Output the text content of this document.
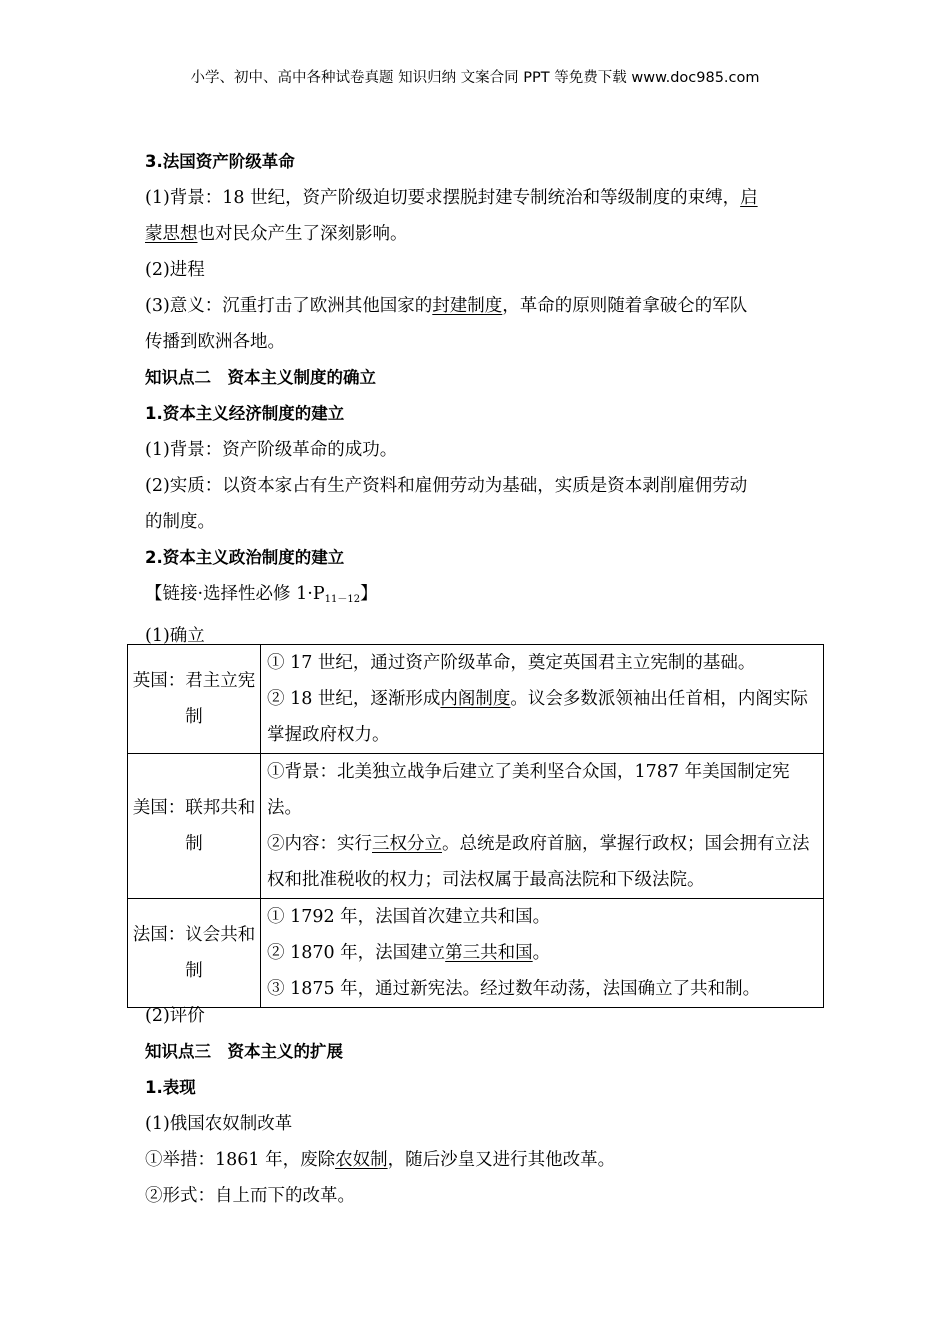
小学、初中、高中各种试卷真题 知识归纳 文案合同 PPT 等免费下载 www.doc985.com

3.法国资产阶级革命

(1)背景：18 世纪，资产阶级迫切要求摆脱封建专制统治和等级制度的束缚，启

蒙思想也对民众产生了深刻影响。

(2)进程

(3)意义：沉重打击了欧洲其他国家的封建制度，革命的原则随着拿破仑的军队

传播到欧洲各地。

知识点二　资本主义制度的确立

1.资本主义经济制度的建立

(1)背景：资产阶级革命的成功。

(2)实质：以资本家占有生产资料和雇佣劳动为基础，实质是资本剥削雇佣劳动

的制度。

2.资本主义政治制度的建立

【链接·选择性必修 $1\cdot P_{11-12}$】

(1)确立

英国：君主立宪制	① 17 世纪，通过资产阶级革命，奠定英国君主立宪制的基础。
② 18 世纪，逐渐形成内阁制度。议会多数派领袖出任首相，内阁实际掌握政府权力。

美国：联邦共和制	①背景：北美独立战争后建立了美利坚合众国，1787 年美国制定宪法。
②内容：实行三权分立。总统是政府首脑，掌握行政权；国会拥有立法权和批准税收的权力；司法权属于最高法院和下级法院。

法国：议会共和制	① 1792 年，法国首次建立共和国。
② 1870 年，法国建立第三共和国。
③ 1875 年，通过新宪法。经过数年动荡，法国确立了共和制。

(2)评价

知识点三　资本主义的扩展

1.表现

(1)俄国农奴制改革

①举措：1861 年，废除农奴制，随后沙皇又进行其他改革。

②形式：自上而下的改革。
